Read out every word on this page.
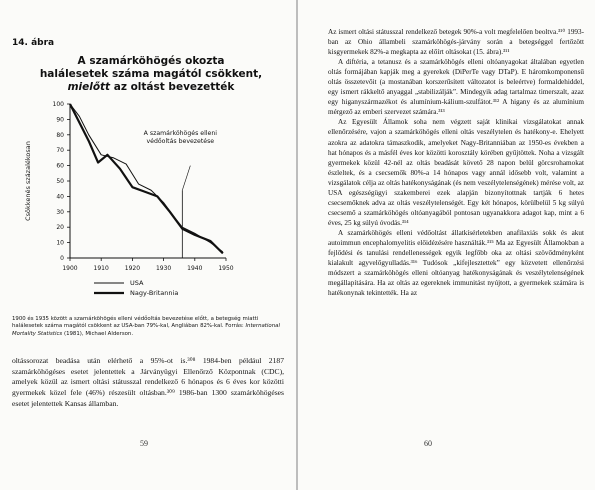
14. ábra
A szamárköhögés okozta
halálesetek száma magától csökkent,
mielőtt az oltást bevezették
Csökkenés százalékosan
0
10
20
30
40
50
60
70
80
90
100
1900	1910	1920	1930	1940	1950
A szamárköhögés elleni
védőoltás bevezetése
USA
Nagy-Britannia
1900 és 1935 között a szamárköhögés elleni védőoltás bevezetése előtt, a betegség miatti halálesetek száma magától csökkent az USA-ban 79%-kal, Angliában 82%-kal. Forrás: International Mortality Statistics (1981), Michael Alderson.
oltássorozat beadása után elérhető a 95%-ot is.³⁰⁸ 1984-ben például 2187 szamárköhögéses esetet jelentettek a Járványügyi Ellenőrző Központnak (CDC), amelyek közül az ismert oltási státusszal rendelkező 6 hónapos és 6 éves kor közötti gyermekek közel fele (46%) részesült oltásban.³⁰⁹ 1986-ban 1300 szamárköhögéses esetet jelentettek Kansas államban.
59

Az ismert oltási státusszal rendelkező betegek 90%-a volt megfelelően beoltva.³¹⁰ 1993-ban az Ohio állambeli szamárköhögés-járvány során a betegséggel fertőzött kisgyermekek 82%-a megkapta az előírt oltásokat (15. ábra).³¹¹

A diftéria, a tetanusz és a szamárköhögés elleni oltóanyagokat általában egyetlen oltás formájában kapják meg a gyerekek (DiPerTe vagy DTaP). E háromkomponensű oltás összetevőit (a mostanában korszerűsített változatot is beleértve) formaldehiddel, egy ismert rákkeltő anyaggal „stabilizálják”. Mindegyik adag tartalmaz timerszalt, azaz egy higanyszármazékot és alumínium-kálium-szulfátot.³¹² A higany és az alumínium mérgező az emberi szervezet számára.³¹³

Az Egyesült Államok soha nem végzett saját klinikai vizsgálatokat annak ellenőrzésére, vajon a szamárköhögés elleni oltás veszélytelen és hatékony-e. Ehelyett azokra az adatokra támaszkodik, amelyeket Nagy-Britanniában az 1950-es években a hat hónapos és a másfél éves kor közötti korosztály körében gyűjtöttek. Noha a vizsgált gyermekek közül 42-nél az oltás beadását követő 28 napon belül görcsrohamokat észleltek, és a csecsemők 80%-a 14 hónapos vagy annál idősebb volt, valamint a vizsgálatok célja az oltás hatékonyságának (és nem veszélytelenségének) mérése volt, az USA egészségügyi szakemberei ezek alapján bizonyítottnak tartják 6 hetes csecsemőknek adva az oltás veszélytelenségét. Egy két hónapos, körülbelül 5 kg súlyú csecsemő a szamárköhögés oltóanyagából pontosan ugyanakkora adagot kap, mint a 6 éves, 25 kg súlyú óvodás.³¹⁴

A szamárköhögés elleni védőoltást állatkísérletekben anafilaxiás sokk és akut autoimmun encephalomyelitis előidézésére használták.³¹⁵ Ma az Egyesült Államokban a fejlődési és tanulási rendellenességek egyik legfőbb oka az oltási szövődményként kialakult agyvelőgyulladás.³¹⁶ Tudósok „kifejlesztettek” egy közvetett ellenőrzési módszert a szamárköhögés elleni oltóanyag hatékonyságának és veszélytelenségének megállapítására. Ha az oltás az egereknek immunitást nyújtott, a gyermekek számára is hatékonynak tekintették. Ha az

60
